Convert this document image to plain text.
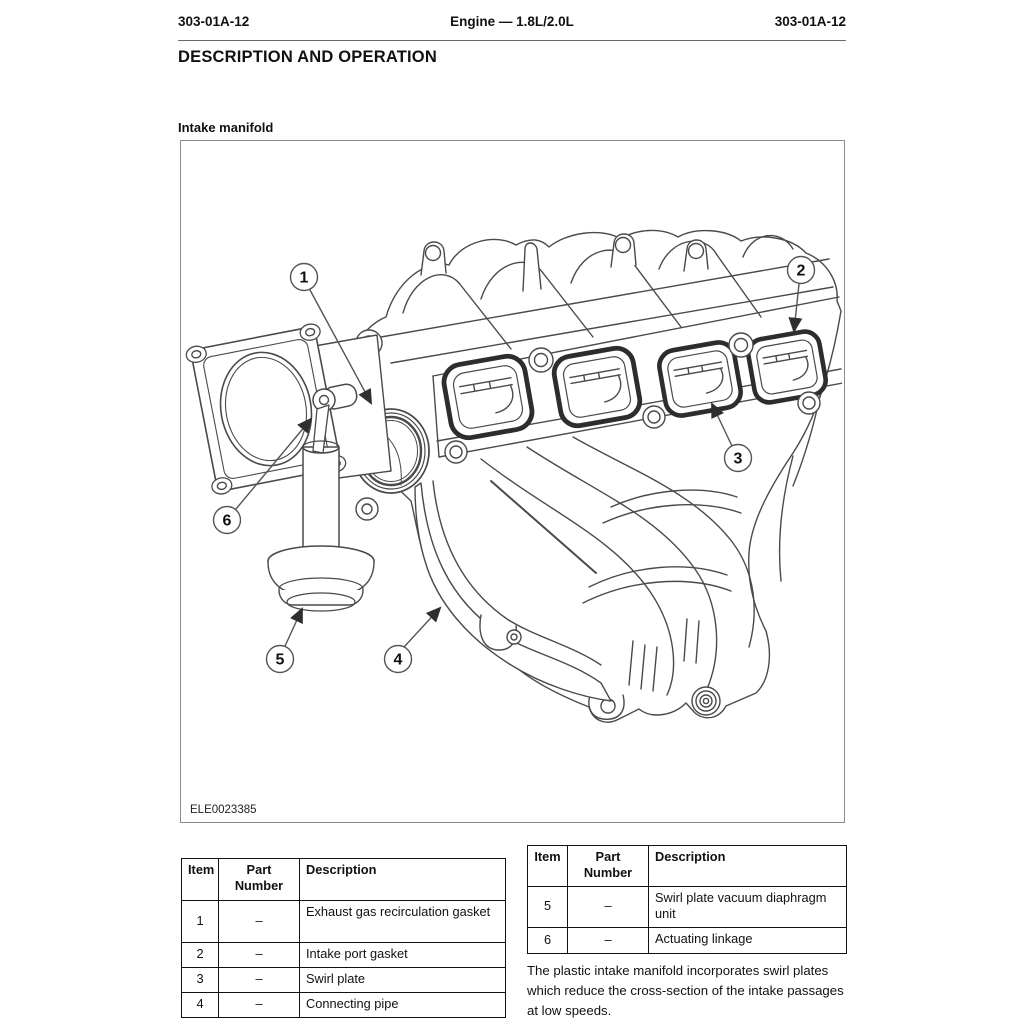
303-01A-12	Engine — 1.8L/2.0L	303-01A-12
DESCRIPTION AND OPERATION
Intake manifold
1	2
3
4
5
6
ELE0023385
Item	Part Number	Description
1	–	Exhaust gas recirculation gasket
2	–	Intake port gasket
3	–	Swirl plate
4	–	Connecting pipe
Item	Part Number	Description
5	–	Swirl plate vacuum diaphragm unit
6	–	Actuating linkage
The plastic intake manifold incorporates swirl plates which reduce the cross-section of the intake passages at low speeds.
